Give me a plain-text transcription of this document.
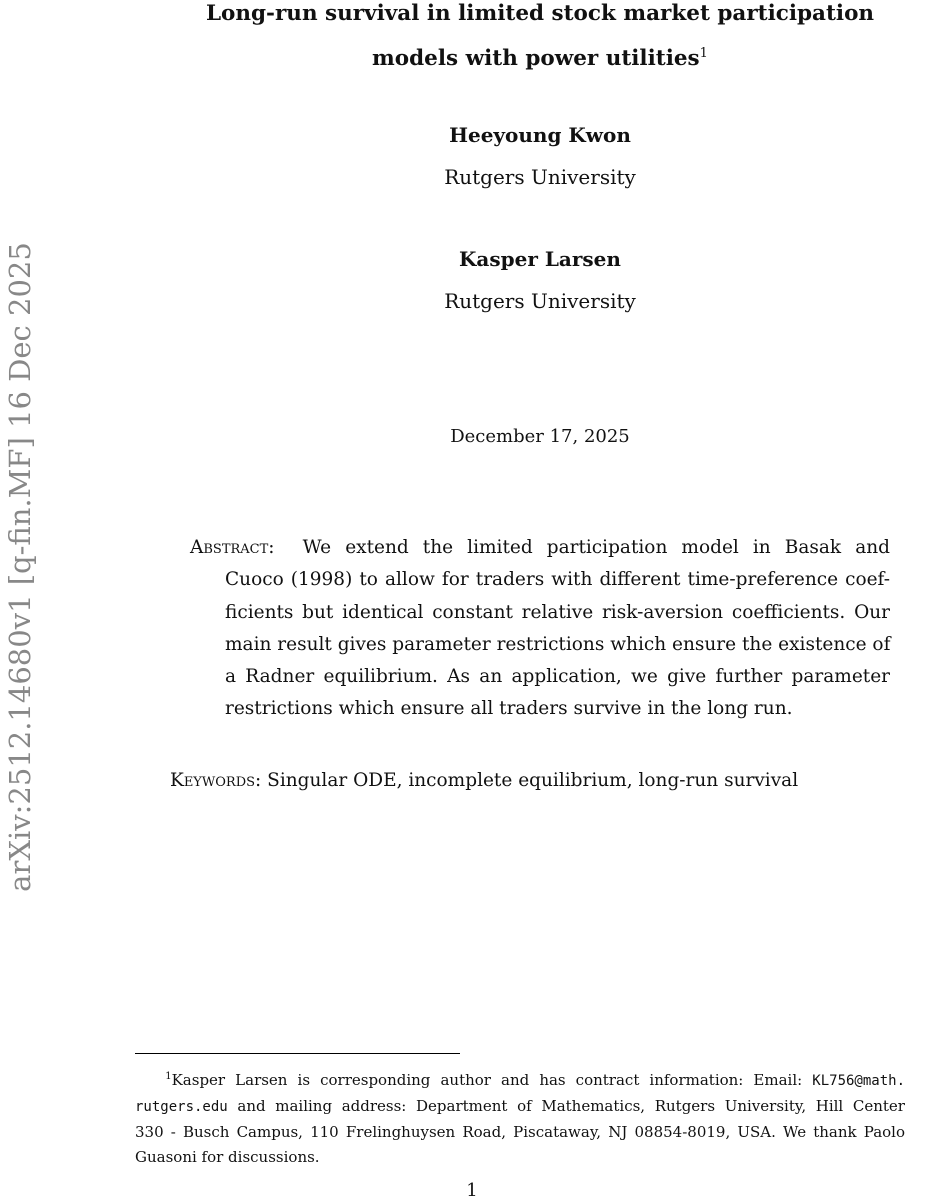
arXiv:2512.14680v1 [q-fin.MF] 16 Dec 2025
Long-run survival in limited stock market participation
models with power utilities$^1$
Heeyoung Kwon
Rutgers University
Kasper Larsen
Rutgers University
December 17, 2025
Abstract: We extend the limited participation model in Basak and
Cuoco (1998) to allow for traders with different time-preference coef-
ficients but identical constant relative risk-aversion coefficients. Our
main result gives parameter restrictions which ensure the existence of
a Radner equilibrium. As an application, we give further parameter
restrictions which ensure all traders survive in the long run.
Keywords: Singular ODE, incomplete equilibrium, long-run survival
$^1$Kasper Larsen is corresponding author and has contract information: Email: KL756@math.
rutgers.edu and mailing address: Department of Mathematics, Rutgers University, Hill Center
330 - Busch Campus, 110 Frelinghuysen Road, Piscataway, NJ 08854-8019, USA. We thank Paolo
Guasoni for discussions.
1
